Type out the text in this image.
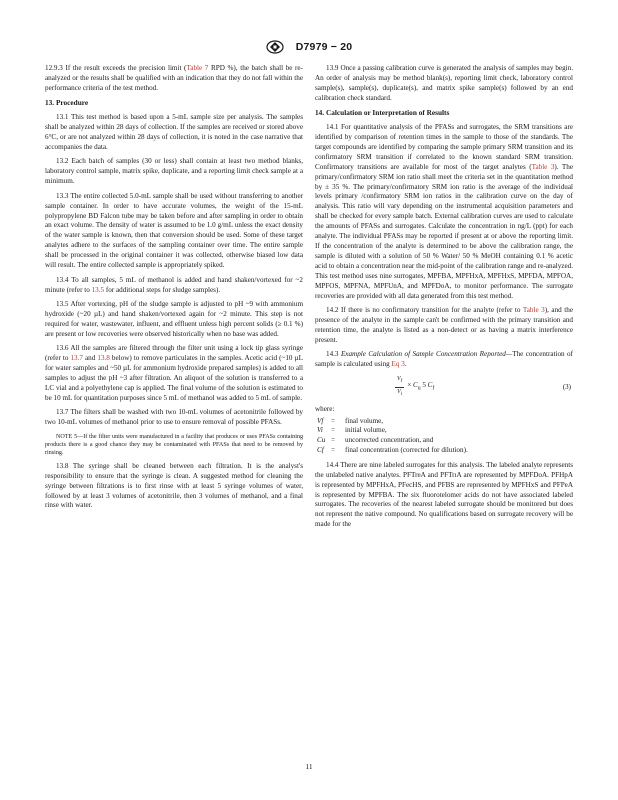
D7979 − 20

12.9.3 If the result exceeds the precision limit (Table 7 RPD %), the batch shall be re-analyzed or the results shall be qualified with an indication that they do not fall within the performance criteria of the test method.

13. Procedure

13.1 This test method is based upon a 5-mL sample size per analysis. The samples shall be analyzed within 28 days of collection. If the samples are received or stored above 6°C, or are not analyzed within 28 days of collection, it is noted in the case narrative that accompanies the data.

13.2 Each batch of samples (30 or less) shall contain at least two method blanks, laboratory control sample, matrix spike, duplicate, and a reporting limit check sample at a minimum.

13.3 The entire collected 5.0-mL sample shall be used without transferring to another sample container. In order to have accurate volumes, the weight of the 15-mL polypropylene BD Falcon tube may be taken before and after sampling in order to obtain an exact volume. The density of water is assumed to be 1.0 g/mL unless the exact density of the water sample is known, then that conversion should be used. Some of these target analytes adhere to the surfaces of the sampling container over time. The entire sample shall be processed in the original container it was collected, otherwise biased low data will result. The entire collected sample is appropriately spiked.

13.4 To all samples, 5 mL of methanol is added and hand shaken/vortexed for ~2 minute (refer to 13.5 for additional steps for sludge samples).

13.5 After vortexing, pH of the sludge sample is adjusted to pH ~9 with ammonium hydroxide (~20 µL) and hand shaken/vortexed again for ~2 minute. This step is not required for water, wastewater, influent, and effluent unless high percent solids (≥ 0.1 %) are present or low recoveries were observed historically when no base was added.

13.6 All the samples are filtered through the filter unit using a lock tip glass syringe (refer to 13.7 and 13.8 below) to remove particulates in the samples. Acetic acid (~10 µL for water samples and ~50 µL for ammonium hydroxide prepared samples) is added to all samples to adjust the pH ~3 after filtration. An aliquot of the solution is transferred to a LC vial and a polyethylene cap is applied. The final volume of the solution is estimated to be 10 mL for quantitation purposes since 5 mL of methanol was added to 5 mL of sample.

13.7 The filters shall be washed with two 10-mL volumes of acetonitrile followed by two 10-mL volumes of methanol prior to use to ensure removal of possible PFASs.

NOTE 5—If the filter units were manufactured in a facility that produces or uses PFASs containing products there is a good chance they may be contaminated with PFASs that need to be removed by rinsing.

13.8 The syringe shall be cleaned between each filtration. It is the analyst's responsibility to ensure that the syringe is clean. A suggested method for cleaning the syringe between filtrations is to first rinse with at least 5 syringe volumes of water, followed by at least 3 volumes of acetonitrile, then 3 volumes of methanol, and a final rinse with water.

13.9 Once a passing calibration curve is generated the analysis of samples may begin. An order of analysis may be method blank(s), reporting limit check, laboratory control sample(s), sample(s), duplicate(s), and matrix spike sample(s) followed by an end calibration check standard.

14. Calculation or Interpretation of Results

14.1 For quantitative analysis of the PFASs and surrogates, the SRM transitions are identified by comparison of retention times in the sample to those of the standards. The target compounds are identified by comparing the sample primary SRM transition and its confirmatory SRM transition if correlated to the known standard SRM transition. Confirmatory transitions are available for most of the target analytes (Table 3). The primary/confirmatory SRM ion ratio shall meet the criteria set in the quantitation method by ± 35 %. The primary/confirmatory SRM ion ratio is the average of the individual levels primary /confirmatory SRM ion ratios in the calibration curve on the day of analysis. This ratio will vary depending on the instrumental acquisition parameters and shall be checked for every sample batch. External calibration curves are used to calculate the amounts of PFASs and surrogates. Calculate the concentration in ng/L (ppt) for each analyte. The individual PFASs may be reported if present at or above the reporting limit. If the concentration of the analyte is determined to be above the calibration range, the sample is diluted with a solution of 50 % Water/ 50 % MeOH containing 0.1 % acetic acid to obtain a concentration near the mid-point of the calibration range and re-analyzed. This test method uses nine surrogates, MPFBA, MPFHxA, MPFHxS, MPFDA, MPFOA, MPFOS, MPFNA, MPFUnA, and MPFDoA, to monitor performance. The surrogate recoveries are provided with all data generated from this test method.

14.2 If there is no confirmatory transition for the analyte (refer to Table 3), and the presence of the analyte in the sample can't be confirmed with the primary transition and retention time, the analyte is listed as a non-detect or as having a matrix interference present.

14.3 Example Calculation of Sample Concentration Reported—The concentration of sample is calculated using Eq 3.

$\frac{V_f}{V_i} \times C_u$ 5 $C_f$	(3)

where:

Vf	=	final volume,
Vi	=	initial volume,
Cu =	uncorrected concentration, and
Cf	=	final concentration (corrected for dilution).

14.4 There are nine labeled surrogates for this analysis. The labeled analyte represents the unlabeled native analytes. PFTreA and PFTrıA are represented by MPFDoA. PFHpA is represented by MPFHxA, PFecHS, and PFBS are represented by MPFHxS and PFPeA is represented by MPFBA. The six fluorotelomer acids do not have associated labeled surrogates. The recoveries of the nearest labeled surrogate should be monitored but does not represent the native compound. No qualifications based on surrogate recovery will be made for the

11
